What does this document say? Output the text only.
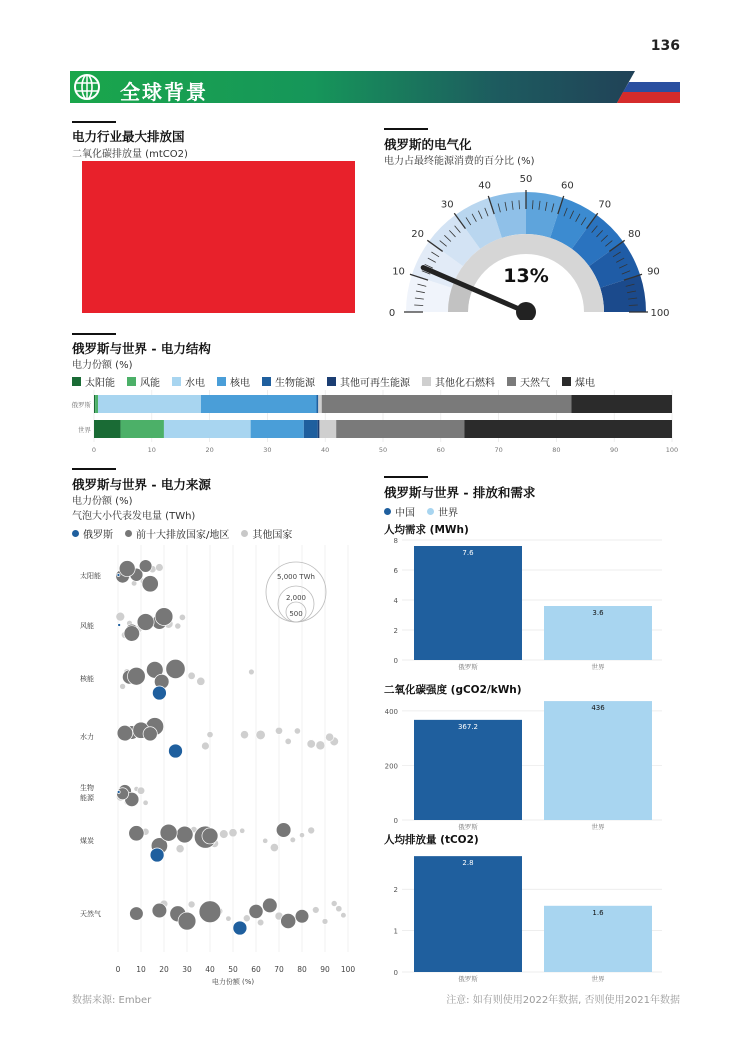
136
全球背景
电力行业最大排放国
二氧化碳排放量 (mtCO2)
俄罗斯的电气化
电力占最终能源消费的百分比 (%)
0
10
20
30
40
50
60
70
80
90
100
13%
俄罗斯与世界 - 电力结构
电力份额 (%)
太阳能	风能	水电	核电	生物能源	其他可再生能源	其他化石燃料	天然气	煤电
0	10	20	30	40	50	60	70	80	90	100
俄罗斯
世界
俄罗斯与世界 - 电力来源
电力份额 (%)
气泡大小代表发电量 (TWh)
俄罗斯 前十大排放国家/地区 其他国家
0 10 20 30 40 50 60 70 80 90 100
电力份额 (%)
太阳能
风能
核能
水力
生物
能源
煤炭
天然气
5,000 TWh
2,000
500
俄罗斯与世界 - 排放和需求
中国 世界
人均需求 (MWh)
0
2
4
6
8
7.6
俄罗斯
3.6
世界
二氧化碳强度 (gCO2/kWh)
0
200
400
367.2
俄罗斯
436
世界
人均排放量 (tCO2)
0
1
2
2.8
俄罗斯
1.6
世界
数据来源: Ember	注意: 如有则使用2022年数据, 否则使用2021年数据
